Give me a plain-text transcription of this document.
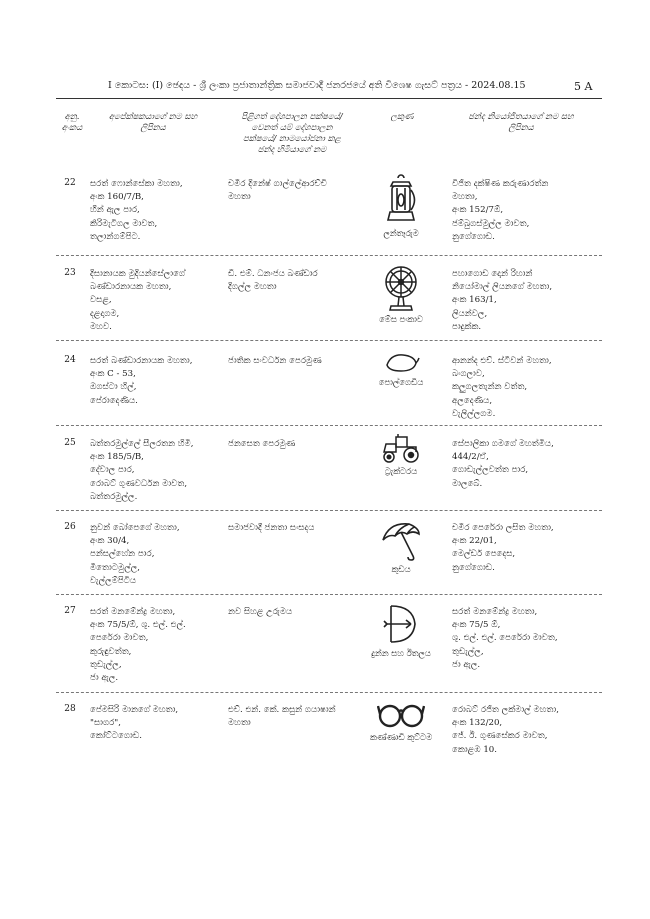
I කොටස: (I) ඡෙදය - ශ්‍රී ලංකා ප්‍රජාතාන්ත්‍රික සමාජවාදී ජනරජයේ අති විශෙෂ ගැසට් පත්‍රය - 2024.08.15	5 A
අනු.
අංකය
අපේක්ෂකයාගේ නම සහ
ලිපිනය
පිළිගත් දේශපාලන පක්ෂයේ/
වෙනත් යම් දේශපාලන
පක්ෂයේ/ නාමයෝජනා කළ
ඡන්ද හිමියාගේ නම
ලකුණ	ඡන්ද නියෝජිතයාගේ නම සහ
ලිපිනය
22 සරත් ෆොන්සේකා මහතා,
අංක 160/7/B,
හීන් ඇල පාර,
කිරිමැටිගල මාවත,
තලාන්ගම්පිට.
චමීර දිනේෂ් ගාල්ලේආරච්චි
මහතා
ලන්තෑරුම
විජිත දක්ෂිණ කරුණාරත්න
මහතා,
අංක 152/7ඕ,
ජම්බුගස්මුල්ල මාවත,
නුගේගොඩ.
23 දිසානායක මුදියන්සේලාගේ
බණ්ඩාරනායක මහතා,
වසළ,
දළදාගම,
මහව.
ඩී. එම්. ධනංජය බණ්ඩාර
දිගල්ල මහතා
මේස පංකාව
පහාගොඩ දොන් රිහාන්
නියෝමාල් ලියනගේ මහතා,
අංක 163/1,
ලියන්වල,
පාදුක්ක.
24 සරත් බණ්ඩාරනායක මහතා,
අංක C - 53,
ඔගස්ටා හිල්,
පේරාදෙණිය.
ජාතික සංවර්ධන පෙරමුණ
පොල්ගෙඩිය
ආනන්ද එච්. ස්ටීවන් මහතා,
බංගලාව,
කලුගලතැන්න වත්ත,
අලදෙණිය,
වැලිල්ලගම.
25 බත්තරමුල්ලේ සීලරතන හිමි,
අංක 185/5/B,
දේවාල පාර,
රොබට් ගුණවර්ධන මාවත,
බත්තරමුල්ල.
ජනසෙත පෙරමුණ
ට්‍රැක්ටරය
සේපාලිකා ගමගේ මහත්මිය,
444/2/ඒ,
ගොඩැල්ලවත්ත පාර,
මාලබේ.
26 නුවන් බෝපෙගේ මහතා,
අංක 30/4,
පන්සල්හේන පාර,
මීතොටමුල්ල,
වැල්ලම්පිටිය
සමාජවාදී ජනතා සංසදය
කුඩය
චමීර පෙරේරා ලසිත මහතා,
අංක 22/01,
මෙල්ඩර් පෙදෙස,
නුගේගොඩ.
27 සරත් මනමේන්ද්‍ර මහතා,
අංක 75/5/ඕ, ශු. එල්. එල්.
පෙරේරා මාවත,
කුරුඳුවත්ත,
තුඩැල්ල,
ජා ඇල.
නව සිහළ උරුමය
දුන්න සහ ඊතලය
සරත් මනමේන්ද්‍ර මහතා,
අංක 75/5 ඕ,
ශු. එල්. එල්. පෙරේරා මාවත,
තුඩැල්ල,
ජා ඇල.
28 පේමසිරි මානගේ මහතා,
"සාගර",
කෝට්ටගොඩ.
එච්. එන්. කේ. කසුන් ගයාෂාන්
මහතා
කණ්ණාඩි කුට්ටම
රොබට් රජිත ලක්මාල් මහතා,
අංක 132/20,
ජේ. ඊ. ගුණසේකර මාවත,
කොළඹ 10.
